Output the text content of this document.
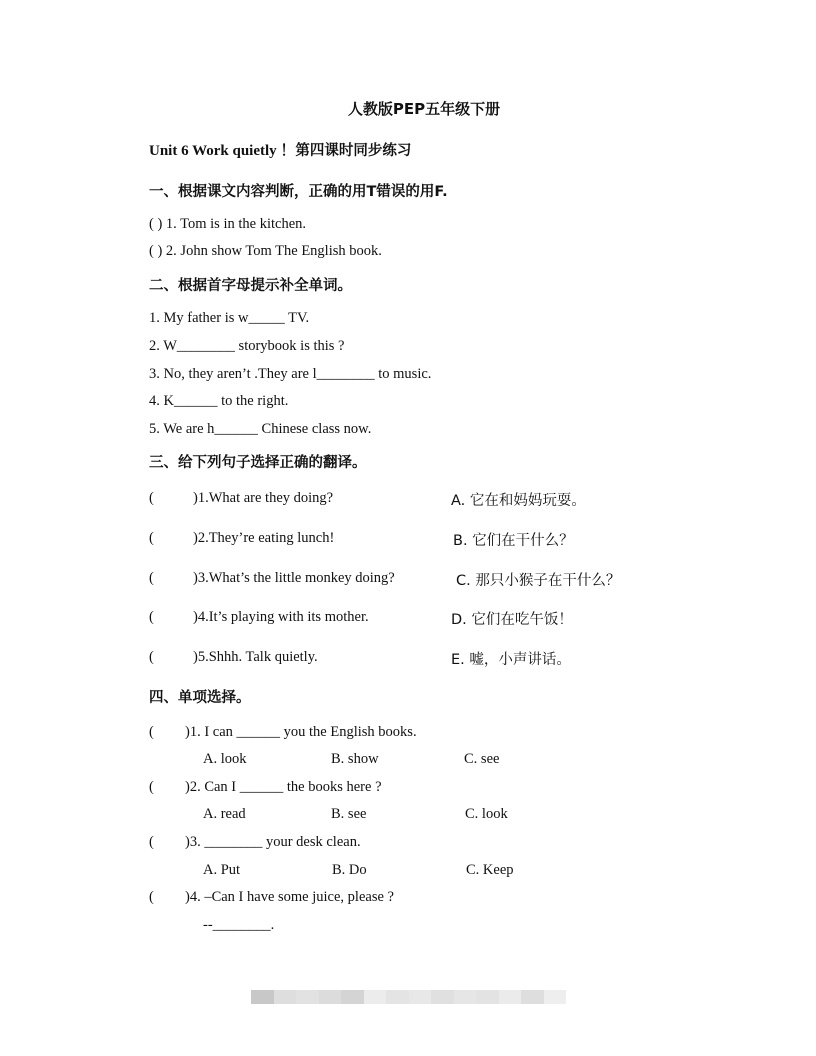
人教版PEP五年级下册
Unit 6 Work quietly ！第四课时同步练习
一、根据课文内容判断，正确的用T错误的用F.
( ) 1. Tom is in the kitchen.
( ) 2. John show Tom The English book.
二、根据首字母提示补全单词。
1. My father is w_____ TV.
2. W________ storybook is this ?
3. No, they aren’t .They are l________ to music.
4. K______ to the right.
5. We are h______ Chinese class now.
三、给下列句子选择正确的翻译。
(	)1.What are they doing?	A. 它在和妈妈玩耍。
(	)2.They’re eating lunch!	B. 它们在干什么？
(	)3.What’s the little monkey doing?	C. 那只小猴子在干什么？
(	)4.It’s playing with its mother.	D. 它们在吃午饭！
(	)5.Shhh. Talk quietly.	E. 嘘，小声讲话。
四、单项选择。
( )1. I can ______ you the English books.
A. look	B. show	C. see
( )2. Can I ______ the books here ?
A. read	B. see	C. look
( )3. ________ your desk clean.
A. Put	B. Do	C. Keep
( )4. –Can I have some juice, please ?
--________.
